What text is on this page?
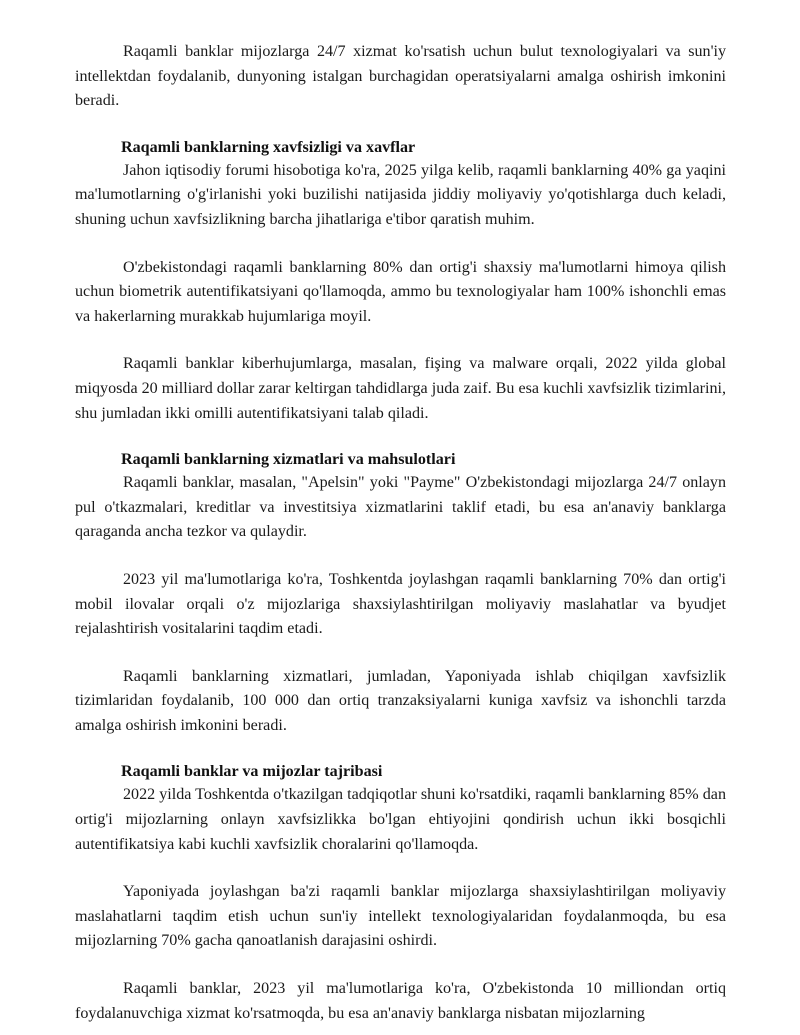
Raqamli banklar mijozlarga 24/7 xizmat ko'rsatish uchun bulut texnologiyalari va sun'iy intellektdan foydalanib, dunyoning istalgan burchagidan operatsiyalarni amalga oshirish imkonini beradi.

Raqamli banklarning xavfsizligi va xavflar

Jahon iqtisodiy forumi hisobotiga ko'ra, 2025 yilga kelib, raqamli banklarning 40% ga yaqini ma'lumotlarning o'g'irlanishi yoki buzilishi natijasida jiddiy moliyaviy yo'qotishlarga duch keladi, shuning uchun xavfsizlikning barcha jihatlariga e'tibor qaratish muhim.

O'zbekistondagi raqamli banklarning 80% dan ortig'i shaxsiy ma'lumotlarni himoya qilish uchun biometrik autentifikatsiyani qo'llamoqda, ammo bu texnologiyalar ham 100% ishonchli emas va hakerlarning murakkab hujumlariga moyil.

Raqamli banklar kiberhujumlarga, masalan, fişing va malware orqali, 2022 yilda global miqyosda 20 milliard dollar zarar keltirgan tahdidlarga juda zaif. Bu esa kuchli xavfsizlik tizimlarini, shu jumladan ikki omilli autentifikatsiyani talab qiladi.

Raqamli banklarning xizmatlari va mahsulotlari

Raqamli banklar, masalan, "Apelsin" yoki "Payme" O'zbekistondagi mijozlarga 24/7 onlayn pul o'tkazmalari, kreditlar va investitsiya xizmatlarini taklif etadi, bu esa an'anaviy banklarga qaraganda ancha tezkor va qulaydir.

2023 yil ma'lumotlariga ko'ra, Toshkentda joylashgan raqamli banklarning 70% dan ortig'i mobil ilovalar orqali o'z mijozlariga shaxsiylashtirilgan moliyaviy maslahatlar va byudjet rejalashtirish vositalarini taqdim etadi.

Raqamli banklarning xizmatlari, jumladan, Yaponiyada ishlab chiqilgan xavfsizlik tizimlaridan foydalanib, 100 000 dan ortiq tranzaksiyalarni kuniga xavfsiz va ishonchli tarzda amalga oshirish imkonini beradi.

Raqamli banklar va mijozlar tajribasi

2022 yilda Toshkentda o'tkazilgan tadqiqotlar shuni ko'rsatdiki, raqamli banklarning 85% dan ortig'i mijozlarning onlayn xavfsizlikka bo'lgan ehtiyojini qondirish uchun ikki bosqichli autentifikatsiya kabi kuchli xavfsizlik choralarini qo'llamoqda.

Yaponiyada joylashgan ba'zi raqamli banklar mijozlarga shaxsiylashtirilgan moliyaviy maslahatlarni taqdim etish uchun sun'iy intellekt texnologiyalaridan foydalanmoqda, bu esa mijozlarning 70% gacha qanoatlanish darajasini oshirdi.

Raqamli banklar, 2023 yil ma'lumotlariga ko'ra, O'zbekistonda 10 milliondan ortiq foydalanuvchiga xizmat ko'rsatmoqda, bu esa an'anaviy banklarga nisbatan mijozlarning
